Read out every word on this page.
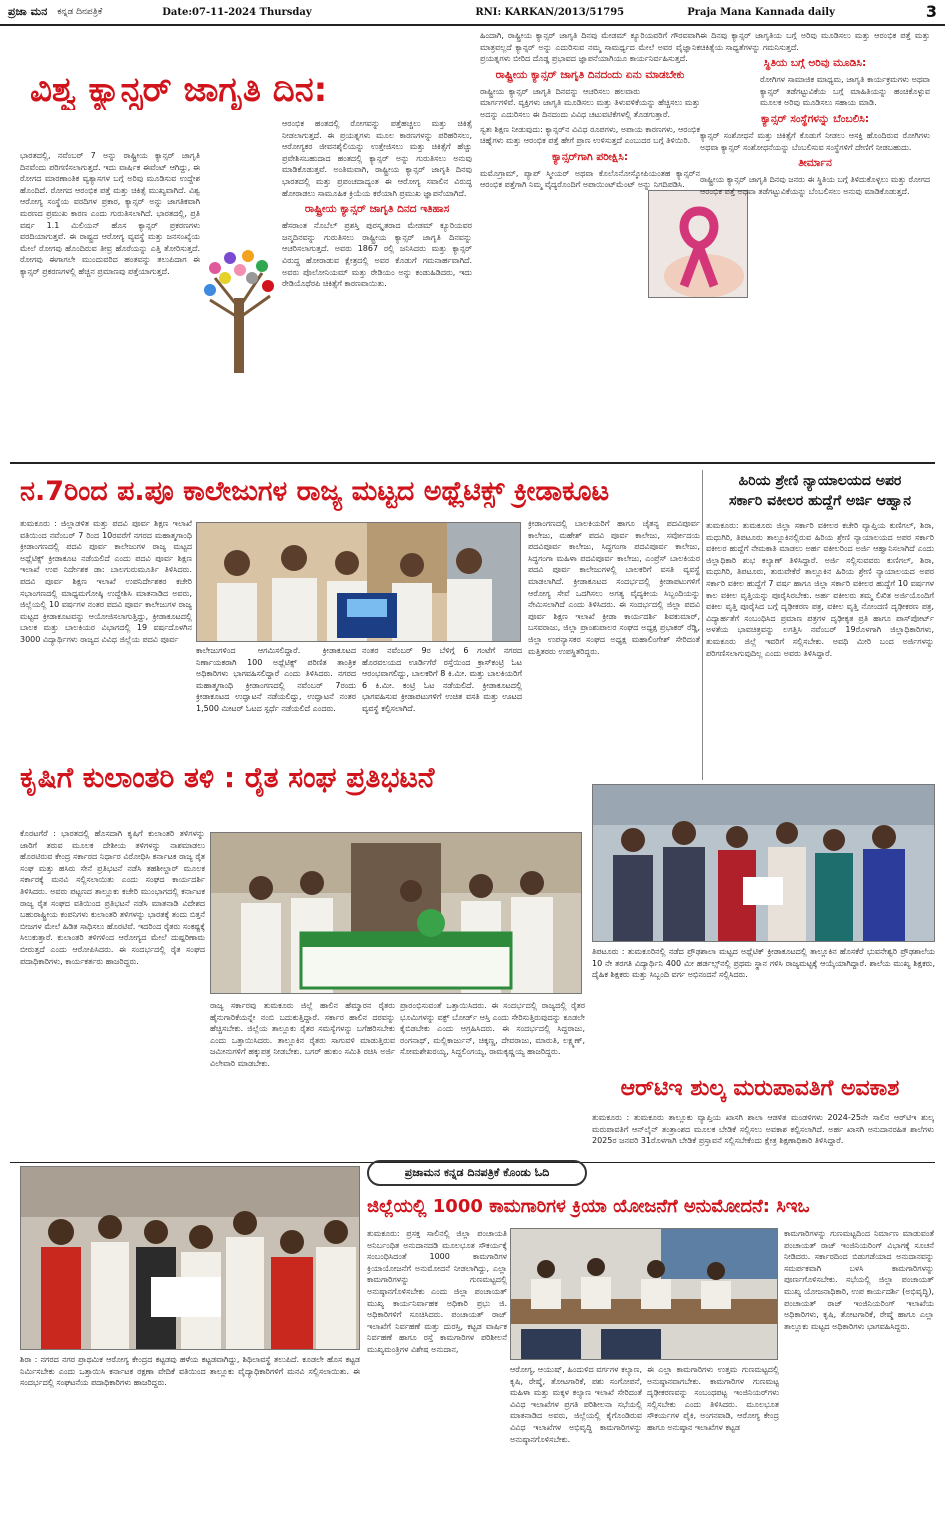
ಪ್ರಜಾ ಮನ ಕನ್ನಡ ದಿನಪತ್ರಿಕೆ	Date:07-11-2024 Thursday	RNI: KARKAN/2013/51795	Praja Mana Kannada daily	3
ವಿಶ್ವ ಕ್ಯಾನ್ಸರ್ ಜಾಗೃತಿ ದಿನ:

ಭಾರತದಲ್ಲಿ, ನವೆಂಬರ್ 7 ಅನ್ನು ರಾಷ್ಟ್ರೀಯ ಕ್ಯಾನ್ಸರ್ ಜಾಗೃತಿ ದಿನವೆಂದು ಪರಿಗಣಿಸಲಾಗುತ್ತದೆ. ಇದು ವಾರ್ಷಿಕ ಈವೆಂಟ್ ಆಗಿದ್ದು, ಈ ರೋಗದ ಮಾರಣಾಂತಿಕ ವ್ಯತ್ಯಾಸಗಳ ಬಗ್ಗೆ ಅರಿವು ಮೂಡಿಸುವ ಉದ್ದೇಶ ಹೊಂದಿದೆ. ರೋಗದ ಆರಂಭಿಕ ಪತ್ತೆ ಮತ್ತು ಚಿಕಿತ್ಸೆ ಮುಖ್ಯವಾಗಿದೆ. ವಿಶ್ವ ಆರೋಗ್ಯ ಸಂಸ್ಥೆಯ ವರದಿಗಳ ಪ್ರಕಾರ, ಕ್ಯಾನ್ಸರ್ ಅನ್ನು ಜಾಗತಿಕವಾಗಿ ಮರಣದ ಪ್ರಮುಖ ಕಾರಣ ಎಂದು ಗುರುತಿಸಲಾಗಿದೆ. ಭಾರತದಲ್ಲಿ, ಪ್ರತಿ ವರ್ಷ 1.1 ಮಿಲಿಯನ್ ಹೊಸ ಕ್ಯಾನ್ಸರ್ ಪ್ರಕರಣಗಳು ವರದಿಯಾಗುತ್ತವೆ. ಈ ರಾಷ್ಟ್ರದ ಆರೋಗ್ಯ ವ್ಯವಸ್ಥೆ ಮತ್ತು ಜನಸಂಖ್ಯೆಯ ಮೇಲೆ ರೋಗವು ಹೊಂದಿರುವ ತೀವ್ರ ಹೊರೆಯನ್ನು ಎತ್ತಿ ತೋರಿಸುತ್ತದೆ. ರೋಗವು ಈಗಾಗಲೇ ಮುಂದುವರಿದ ಹಂತವನ್ನು ತಲುಪಿದಾಗ ಈ ಕ್ಯಾನ್ಸರ್ ಪ್ರಕರಣಗಳಲ್ಲಿ ಹೆಚ್ಚಿನ ಪ್ರಮಾಣವು ಪತ್ತೆಯಾಗುತ್ತದೆ.

ಆರಂಭಿಕ ಹಂತದಲ್ಲಿ ರೋಗವನ್ನು ಪತ್ತೆಹಚ್ಚಲು ಮತ್ತು ಚಿಕಿತ್ಸೆ ನೀಡಲಾಗುತ್ತದೆ. ಈ ಪ್ರಯತ್ನಗಳು ಮೂಲ ಕಾರಣಗಳನ್ನು ಪರಿಹರಿಸಲು, ಆರೋಗ್ಯಕರ ಜೀವನಶೈಲಿಯನ್ನು ಉತ್ತೇಜಿಸಲು ಮತ್ತು ಚಿಕಿತ್ಸೆಗೆ ಹೆಚ್ಚು ಪ್ರವೇಶಿಸಬಹುದಾದ ಹಂತದಲ್ಲಿ ಕ್ಯಾನ್ಸರ್ ಅನ್ನು ಗುರುತಿಸಲು ಅನುವು ಮಾಡಿಕೊಡುತ್ತವೆ. ಅಂತಿಮವಾಗಿ, ರಾಷ್ಟ್ರೀಯ ಕ್ಯಾನ್ಸರ್ ಜಾಗೃತಿ ದಿನವು ಭಾರತದಲ್ಲಿ ಮತ್ತು ಪ್ರಪಂಚದಾದ್ಯಂತ ಈ ಆರೋಗ್ಯ ಸವಾಲಿನ ವಿರುದ್ಧ ಹೋರಾಡಲು ಸಾಮೂಹಿಕ ಕ್ರಿಯೆಯ ಕರೆಯಾಗಿ ಪ್ರಮುಖ ಜ್ಞಾಪನೆಯಾಗಿದೆ.

ರಾಷ್ಟ್ರೀಯ ಕ್ಯಾನ್ಸರ್ ಜಾಗೃತಿ ದಿನದ ಇತಿಹಾಸ

ಹೆಸರಾಂತ ನೊಬೆಲ್ ಪ್ರಶಸ್ತಿ ಪುರಸ್ಕೃತರಾದ ಮೇಡಮ್ ಕ್ಯೂರಿಯವರ ಜನ್ಮದಿನವನ್ನು ಗುರುತಿಸಲು ರಾಷ್ಟ್ರೀಯ ಕ್ಯಾನ್ಸರ್ ಜಾಗೃತಿ ದಿನವನ್ನು ಆಚರಿಸಲಾಗುತ್ತದೆ. ಅವರು 1867 ರಲ್ಲಿ ಜನಿಸಿದರು ಮತ್ತು ಕ್ಯಾನ್ಸರ್ ವಿರುದ್ಧ ಹೋರಾಡುವ ಕ್ಷೇತ್ರದಲ್ಲಿ ಅವರ ಕೊಡುಗೆ ಗಮನಾರ್ಹವಾಗಿದೆ. ಅವರು ಪೊಲೋನಿಯಮ್ ಮತ್ತು ರೇಡಿಯಂ ಅನ್ನು ಕಂಡುಹಿಡಿದರು, ಇದು ರೇಡಿಯೊಥೆರಪಿ ಚಿಕಿತ್ಸೆಗೆ ಕಾರಣವಾಯಿತು.

ಹಿಂದಾಗಿ, ರಾಷ್ಟ್ರೀಯ ಕ್ಯಾನ್ಸರ್ ಜಾಗೃತಿ ದಿನವು ಮೇಡಮ್ ಕ್ಯೂರಿಯವರಿಗೆ ಗೌರವವಾಗಿ ಮಾತ್ರವಲ್ಲದೆ ಕ್ಯಾನ್ಸರ್ ಅನ್ನು ಎದುರಿಸುವ ನಮ್ಮ ಸಾಮರ್ಥ್ಯದ ಮೇಲೆ ಅವರ ವೈಜ್ಞಾನಿಕ ಪ್ರಯತ್ನಗಳು ಬೀರಿದ ದೊಡ್ಡ ಪ್ರಭಾವದ ಜ್ಞಾಪನೆಯಾಗಿಯೂ ಕಾರ್ಯನಿರ್ವಹಿಸುತ್ತದೆ.

ರಾಷ್ಟ್ರೀಯ ಕ್ಯಾನ್ಸರ್ ಜಾಗೃತಿ ದಿನದಂದು ಏನು ಮಾಡಬೇಕು

ರಾಷ್ಟ್ರೀಯ ಕ್ಯಾನ್ಸರ್ ಜಾಗೃತಿ ದಿನವನ್ನು ಆಚರಿಸಲು ಹಲವಾರು ಮಾರ್ಗಗಳಿವೆ. ವ್ಯಕ್ತಿಗಳು ಜಾಗೃತಿ ಮೂಡಿಸಲು ಮತ್ತು ತಿಳುವಳಿಕೆಯನ್ನು ಹೆಚ್ಚಿಸಲು ಮತ್ತು ಅದನ್ನು ಎದುರಿಸಲು ಈ ದಿನದಂದು ವಿವಿಧ ಚಟುವಟಿಕೆಗಳಲ್ಲಿ ತೊಡಗುತ್ತಾರೆ.

ಸ್ವತಃ ಶಿಕ್ಷಣ ನೀಡುವುದು: ಕ್ಯಾನ್ಸರ್‌ನ ವಿವಿಧ ರೂಪಗಳು, ಅಪಾಯ ಕಾರಣಗಳು, ಆರಂಭಿಕ ಚಿಹ್ನೆಗಳು ಮತ್ತು ಆರಂಭಿಕ ಪತ್ತೆ ಹೇಗೆ ಪ್ರಾಣ ಉಳಿಸುತ್ತದೆ ಎಂಬುದರ ಬಗ್ಗೆ ತಿಳಿಯಿರಿ.

ಕ್ಯಾನ್ಸರ್‌ಗಾಗಿ ಪರೀಕ್ಷಿಸಿ:

ಮಮೊಗ್ರಾಮ್, ಪ್ಯಾಪ್ ಸ್ಮೀಯರ್ ಅಥವಾ ಕೊಲೊನೋಸ್ಕೋಪಿಯಂತಹ ಕ್ಯಾನ್ಸರ್‌ನ ಆರಂಭಿಕ ಪತ್ತೆಗಾಗಿ ನಿಮ್ಮ ವೈದ್ಯರೊಂದಿಗೆ ಅಪಾಯಿಂಟ್‌ಮೆಂಟ್ ಅನ್ನು ನಿಗದಿಪಡಿಸಿ.

ಈ ದಿನವು ಕ್ಯಾನ್ಸರ್ ಜಾಗೃತಿಯ ಬಗ್ಗೆ ಅರಿವು ಮೂಡಿಸಲು ಮತ್ತು ಆರಂಭಿಕ ಪತ್ತೆ ಮತ್ತು ಚಿಕಿತ್ಸೆಯ ಸಾಧ್ಯತೆಗಳನ್ನು ಗಮನಿಸುತ್ತದೆ.

ಸ್ಥಿತಿಯ ಬಗ್ಗೆ ಅರಿವು ಮೂಡಿಸಿ:

ರೋಗಿಗಳ ಸಾಮಾಜಿಕ ಮಾಧ್ಯಮ, ಜಾಗೃತಿ ಕಾರ್ಯಕ್ರಮಗಳು ಅಥವಾ ಕ್ಯಾನ್ಸರ್ ತಡೆಗಟ್ಟುವಿಕೆಯ ಬಗ್ಗೆ ಮಾಹಿತಿಯನ್ನು ಹಂಚಿಕೊಳ್ಳುವ ಮೂಲಕ ಅರಿವು ಮೂಡಿಸಲು ಸಹಾಯ ಮಾಡಿ.

ಕ್ಯಾನ್ಸರ್ ಸಂಸ್ಥೆಗಳನ್ನು ಬೆಂಬಲಿಸಿ:

ಕ್ಯಾನ್ಸರ್ ಸಂಶೋಧನೆ ಮತ್ತು ಚಿಕಿತ್ಸೆಗೆ ಕೊಡುಗೆ ನೀಡಲು ಆಸಕ್ತಿ ಹೊಂದಿರುವ ರೋಗಿಗಳು ಅಥವಾ ಕ್ಯಾನ್ಸರ್ ಸಂಶೋಧನೆಯನ್ನು ಬೆಂಬಲಿಸುವ ಸಂಸ್ಥೆಗಳಿಗೆ ದೇಣಿಗೆ ನೀಡಬಹುದು.

ತೀರ್ಮಾನ

ರಾಷ್ಟ್ರೀಯ ಕ್ಯಾನ್ಸರ್ ಜಾಗೃತಿ ದಿನವು ಜನರು ಈ ಸ್ಥಿತಿಯ ಬಗ್ಗೆ ತಿಳಿದುಕೊಳ್ಳಲು ಮತ್ತು ರೋಗದ ಆರಂಭಿಕ ಪತ್ತೆ ಅಥವಾ ತಡೆಗಟ್ಟುವಿಕೆಯನ್ನು ಬೆಂಬಲಿಸಲು ಅನುವು ಮಾಡಿಕೊಡುತ್ತದೆ.

ನ.7ರಿಂದ ಪ.ಪೂ ಕಾಲೇಜುಗಳ ರಾಜ್ಯ ಮಟ್ಟದ ಅಥ್ಲೆಟಿಕ್ಸ್ ಕ್ರೀಡಾಕೂಟ

ತುಮಕೂರು : ಜಿಲ್ಲಾಡಳಿತ ಮತ್ತು ಪದವಿ ಪೂರ್ವ ಶಿಕ್ಷಣ ಇಲಾಖೆ ವತಿಯಿಂದ ನವೆಂಬರ್ 7 ರಿಂದ 10ರವರೆಗೆ ನಗರದ ಮಹಾತ್ಮಗಾಂಧಿ ಕ್ರೀಡಾಂಗಣದಲ್ಲಿ ಪದವಿ ಪೂರ್ವ ಕಾಲೇಜುಗಳ ರಾಜ್ಯ ಮಟ್ಟದ ಅಥ್ಲೆಟಿಕ್ಸ್ ಕ್ರೀಡಾಕೂಟ ನಡೆಯಲಿದೆ ಎಂದು ಪದವಿ ಪೂರ್ವ ಶಿಕ್ಷಣ ಇಲಾಖೆ ಉಪ ನಿರ್ದೇಶಕ ಡಾ: ಬಾಲಗುರುಮೂರ್ತಿ ತಿಳಿಸಿದರು. ಪದವಿ ಪೂರ್ವ ಶಿಕ್ಷಣ ಇಲಾಖೆ ಉಪನಿರ್ದೇಶಕರ ಕಚೇರಿ ಸಭಾಂಗಣದಲ್ಲಿ ಮಾಧ್ಯಮಗೋಷ್ಠಿ ಉದ್ದೇಶಿಸಿ ಮಾತನಾಡಿದ ಅವರು, ಜಿಲ್ಲೆಯಲ್ಲಿ 10 ವರ್ಷಗಳ ನಂತರ ಪದವಿ ಪೂರ್ವ ಕಾಲೇಜುಗಳ ರಾಜ್ಯ ಮಟ್ಟದ ಕ್ರೀಡಾಕೂಟವನ್ನು ಆಯೋಜಿಸಲಾಗುತ್ತಿದ್ದು, ಕ್ರೀಡಾಕೂಟದಲ್ಲಿ ಬಾಲಕ ಮತ್ತು ಬಾಲಕಿಯರ ವಿಭಾಗದಲ್ಲಿ 19 ವರ್ಷದೊಳಗಿನ 3000 ವಿದ್ಯಾರ್ಥಿಗಳು ರಾಜ್ಯದ ವಿವಿಧ ಜಿಲ್ಲೆಯ ಪದವಿ ಪೂರ್ವ

ಕಾಲೇಜುಗಳಿಂದ ಆಗಮಿಸಲಿದ್ದಾರೆ. ಕ್ರೀಡಾಕೂಟದ ನಿರ್ಣಾಯಕರಾಗಿ 100 ಅಥ್ಲೆಟಿಕ್ಸ್ ಪರಿಣಿತ ತಾಂತ್ರಿಕ ಅಧಿಕಾರಿಗಳು ಭಾಗವಹಿಸಲಿದ್ದಾರೆ ಎಂದು ತಿಳಿಸಿದರು. ನಗರದ ಮಹಾತ್ಮಗಾಂಧಿ ಕ್ರೀಡಾಂಗಣದಲ್ಲಿ ನವೆಂಬರ್ 7ರಂದು ಕ್ರೀಡಾಕೂಟದ ಉದ್ಘಾಟನೆ ನಡೆಯಲಿದ್ದು, ಉದ್ಘಾಟನೆ ನಂತರ 1,500 ಮೀಟರ್ ಓಟದ ಸ್ಪರ್ಧೆ ನಡೆಯಲಿದೆ ಎಂದರು.

ನಂತರ ನವೆಂಬರ್ 9ರ ಬೆಳಿಗ್ಗೆ 6 ಗಂಟೆಗೆ ನಗರದ ಹೊರವಲಯದ ಊರ್ಡಿಗೆರೆ ರಸ್ತೆಯಿಂದ ಕ್ರಾಸ್‌ಕಂಟ್ರಿ ಓಟ ಆರಂಭವಾಗಲಿದ್ದು, ಬಾಲಕರಿಗೆ 8 ಕಿ.ಮೀ. ಮತ್ತು ಬಾಲಕಿಯರಿಗೆ 6 ಕಿ.ಮೀ. ಕಂಟ್ರಿ ಓಟ ನಡೆಯಲಿದೆ. ಕ್ರೀಡಾಕೂಟದಲ್ಲಿ ಭಾಗವಹಿಸುವ ಕ್ರೀಡಾಪಟುಗಳಿಗೆ ಉಚಿತ ವಸತಿ ಮತ್ತು ಊಟದ ವ್ಯವಸ್ಥೆ ಕಲ್ಪಿಸಲಾಗಿದೆ.

ಕ್ರೀಡಾಂಗಣದಲ್ಲಿ ಬಾಲಕಿಯರಿಗೆ ಹಾಗೂ ಚೈತನ್ಯ ಪದವಿಪೂರ್ವ ಕಾಲೇಜು, ಮಹೇಶ್ ಪದವಿ ಪೂರ್ವ ಕಾಲೇಜು, ಸರ್ವೋದಯ ಪದವಿಪೂರ್ವ ಕಾಲೇಜು, ಸಿದ್ಧಗಂಗಾ ಪದವಿಪೂರ್ವ ಕಾಲೇಜು, ಸಿದ್ಧಗಂಗಾ ಮಹಿಳಾ ಪದವಿಪೂರ್ವ ಕಾಲೇಜು, ಎಂಪ್ರೆಸ್ ಬಾಲಕಿಯರ ಪದವಿ ಪೂರ್ವ ಕಾಲೇಜುಗಳಲ್ಲಿ ಬಾಲಕರಿಗೆ ವಸತಿ ವ್ಯವಸ್ಥೆ ಮಾಡಲಾಗಿದೆ. ಕ್ರೀಡಾಕೂಟದ ಸಂದರ್ಭದಲ್ಲಿ ಕ್ರೀಡಾಪಟುಗಳಿಗೆ ಆರೋಗ್ಯ ಸೇವೆ ಒದಗಿಸಲು ಅಗತ್ಯ ವೈದ್ಯಕೀಯ ಸಿಬ್ಬಂದಿಯನ್ನು ನೇಮಿಸಲಾಗಿದೆ ಎಂದು ತಿಳಿಸಿದರು. ಈ ಸಂದರ್ಭದಲ್ಲಿ ಜಿಲ್ಲಾ ಪದವಿ ಪೂರ್ವ ಶಿಕ್ಷಣ ಇಲಾಖೆ ಕ್ರೀಡಾ ಕಾರ್ಯದರ್ಶಿ ಶಿವಕುಮಾರ್, ಬಸವರಾಜು, ಜಿಲ್ಲಾ ಪ್ರಾಂಶುಪಾಲರ ಸಂಘದ ಅಧ್ಯಕ್ಷ ಪ್ರಭಾಕರ್ ರೆಡ್ಡಿ, ಜಿಲ್ಲಾ ಉಪನ್ಯಾಸಕರ ಸಂಘದ ಅಧ್ಯಕ್ಷ ಮಹಾಲಿಂಗೇಶ್ ಸೇರಿದಂತೆ ಮತ್ತಿತರರು ಉಪಸ್ಥಿತರಿದ್ದರು.

ಹಿರಿಯ ಶ್ರೇಣಿ ನ್ಯಾಯಾಲಯದ ಅಪರ
ಸರ್ಕಾರಿ ವಕೀಲರ ಹುದ್ದೆಗೆ ಅರ್ಜಿ ಆಹ್ವಾನ

ತುಮಕೂರು: ತುಮಕೂರು ಜಿಲ್ಲಾ ಸರ್ಕಾರಿ ವಕೀಲರ ಕಚೇರಿ ವ್ಯಾಪ್ತಿಯ ಕುಣಿಗಲ್, ಶಿರಾ, ಮಧುಗಿರಿ, ತಿಪಟೂರು ತಾಲ್ಲೂಕಿನಲ್ಲಿರುವ ಹಿರಿಯ ಶ್ರೇಣಿ ನ್ಯಾಯಾಲಯದ ಅಪರ ಸರ್ಕಾರಿ ವಕೀಲರ ಹುದ್ದೆಗೆ ನೇಮಕಾತಿ ಮಾಡಲು ಅರ್ಹ ವಕೀಲರಿಂದ ಅರ್ಜಿ ಆಹ್ವಾನಿಸಲಾಗಿದೆ ಎಂದು ಜಿಲ್ಲಾಧಿಕಾರಿ ಶುಭ ಕಲ್ಯಾಣ್ ತಿಳಿಸಿದ್ದಾರೆ. ಅರ್ಜಿ ಸಲ್ಲಿಸುವವರು ಕುಣಿಗಲ್, ಶಿರಾ, ಮಧುಗಿರಿ, ತಿಪಟೂರು, ತುರುವೇಕೆರೆ ತಾಲ್ಲೂಕಿನ ಹಿರಿಯ ಶ್ರೇಣಿ ನ್ಯಾಯಾಲಯದ ಅಪರ ಸರ್ಕಾರಿ ವಕೀಲ ಹುದ್ದೆಗೆ 7 ವರ್ಷ ಹಾಗೂ ಜಿಲ್ಲಾ ಸರ್ಕಾರಿ ವಕೀಲರ ಹುದ್ದೆಗೆ 10 ವರ್ಷಗಳ ಕಾಲ ವಕೀಲ ವೃತ್ತಿಯನ್ನು ಪೂರೈಸಿರಬೇಕು. ಅರ್ಹ ವಕೀಲರು ತಮ್ಮ ಲಿಖಿತ ಅರ್ಜಿಯೊಂದಿಗೆ ವಕೀಲ ವೃತ್ತಿ ಪೂರೈಸಿದ ಬಗ್ಗೆ ದೃಢೀಕರಣ ಪತ್ರ, ವಕೀಲ ವೃತ್ತಿ ನೋಂದಣಿ ದೃಢೀಕರಣ ಪತ್ರ, ವಿದ್ಯಾರ್ಹತೆಗೆ ಸಂಬಂಧಿಸಿದ ಪ್ರಮಾಣ ಪತ್ರಗಳ ದೃಢೀಕೃತ ಪ್ರತಿ ಹಾಗೂ ಪಾಸ್‌ಪೋರ್ಟ್ ಅಳತೆಯ ಭಾವಚಿತ್ರವನ್ನು ಲಗತ್ತಿಸಿ ನವೆಂಬರ್ 19ರೊಳಗಾಗಿ ಜಿಲ್ಲಾಧಿಕಾರಿಗಳು, ತುಮಕೂರು ಜಿಲ್ಲೆ ಇವರಿಗೆ ಸಲ್ಲಿಸಬೇಕು. ಅವಧಿ ಮೀರಿ ಬಂದ ಅರ್ಜಿಗಳನ್ನು ಪರಿಗಣಿಸಲಾಗುವುದಿಲ್ಲ ಎಂದು ಅವರು ತಿಳಿಸಿದ್ದಾರೆ.

ಕೃಷಿಗೆ ಕುಲಾಂತರಿ ತಳಿ : ರೈತ ಸಂಘ ಪ್ರತಿಭಟನೆ

ಕೊರಟಗೆರೆ : ಭಾರತದಲ್ಲಿ ಹೊಸದಾಗಿ ಕೃಷಿಗೆ ಕುಲಾಂತರಿ ತಳಿಗಳನ್ನು ಜಾರಿಗೆ ತರುವ ಮೂಲಕ ದೇಶೀಯ ತಳಿಗಳನ್ನು ನಾಶಮಾಡಲು ಹೊರಟಿರುವ ಕೇಂದ್ರ ಸರ್ಕಾರದ ನಿರ್ಧಾರ ವಿರೋಧಿಸಿ ಕರ್ನಾಟಕ ರಾಜ್ಯ ರೈತ ಸಂಘ ಮತ್ತು ಹಸಿರು ಸೇನೆ ಪ್ರತಿಭಟನೆ ನಡೆಸಿ ತಹಶೀಲ್ದಾರ್ ಮೂಲಕ ಸರ್ಕಾರಕ್ಕೆ ಮನವಿ ಸಲ್ಲಿಸಲಾಯಿತು ಎಂದು ಸಂಘದ ಕಾರ್ಯದರ್ಶಿ ತಿಳಿಸಿದರು. ಅವರು ಪಟ್ಟಣದ ತಾಲ್ಲೂಕು ಕಚೇರಿ ಮುಂಭಾಗದಲ್ಲಿ ಕರ್ನಾಟಕ ರಾಜ್ಯ ರೈತ ಸಂಘದ ವತಿಯಿಂದ ಪ್ರತಿಭಟನೆ ನಡೆಸಿ ಮಾತನಾಡಿ ವಿದೇಶದ ಬಹುರಾಷ್ಟ್ರೀಯ ಕಂಪನಿಗಳು ಕುಲಾಂತರಿ ತಳಿಗಳನ್ನು ಭಾರತಕ್ಕೆ ತಂದು ಬಿತ್ತನೆ ಬೀಜಗಳ ಮೇಲೆ ಹಿಡಿತ ಸಾಧಿಸಲು ಹೊರಟಿವೆ. ಇದರಿಂದ ರೈತರು ಸಂಕಷ್ಟಕ್ಕೆ ಸಿಲುಕುತ್ತಾರೆ. ಕುಲಾಂತರಿ ತಳಿಗಳಿಂದ ಆರೋಗ್ಯದ ಮೇಲೆ ದುಷ್ಪರಿಣಾಮ ಬೀರುತ್ತದೆ ಎಂದು ಆರೋಪಿಸಿದರು. ಈ ಸಂದರ್ಭದಲ್ಲಿ ರೈತ ಸಂಘದ ಪದಾಧಿಕಾರಿಗಳು, ಕಾರ್ಯಕರ್ತರು ಹಾಜರಿದ್ದರು.

ರಾಜ್ಯ ಸರ್ಕಾರವು ತುಮಕೂರು ಜಿಲ್ಲೆ ಹಾಲಿನ ಹೆಮ್ಮಾರನ ರೈತರು ಹೈನುಗಾರಿಕೆಯನ್ನೇ ನಂಬಿ ಬದುಕುತ್ತಿದ್ದಾರೆ. ಸರ್ಕಾರ ಹಾಲಿನ ದರವನ್ನು ಹೆಚ್ಚಿಸಬೇಕು. ಜಿಲ್ಲೆಯ ತಾಲ್ಲೂಕು ರೈತರ ಸಮಸ್ಯೆಗಳನ್ನು ಬಗೆಹರಿಸಬೇಕು ಎಂದು ಒತ್ತಾಯಿಸಿದರು. ತಾಲ್ಲೂಕಿನ ರೈತರು ಸಾಗುವಳಿ ಮಾಡುತ್ತಿರುವ ಜಮೀನುಗಳಿಗೆ ಹಕ್ಕುಪತ್ರ ನೀಡಬೇಕು. ಬಗರ್ ಹುಕುಂ ಸಮಿತಿ ರಚಿಸಿ ಅರ್ಜಿ ವಿಲೇವಾರಿ ಮಾಡಬೇಕು.

ಪ್ರಾರಂಭಿಸುವಂತೆ ಒತ್ತಾಯಿಸಿದರು. ಈ ಸಂದರ್ಭದಲ್ಲಿ ರಾಜ್ಯದಲ್ಲಿ ರೈತರ ಭೂಮಿಗಳನ್ನು ವಕ್ಫ್ ಬೋರ್ಡ್ ಆಸ್ತಿ ಎಂದು ಸೇರಿಸುತ್ತಿರುವುದನ್ನು ಕೂಡಲೇ ಕೈಬಿಡಬೇಕು ಎಂದು ಆಗ್ರಹಿಸಿದರು. ಈ ಸಂದರ್ಭದಲ್ಲಿ ಸಿದ್ದರಾಜು, ರಂಗನಾಥ್, ಮಲ್ಲಿಕಾರ್ಜುನ್, ಚಿಕ್ಕಣ್ಣ, ದೇವರಾಜು, ಮಾರುತಿ, ಲಕ್ಷ್ಮಣ್, ಸೋಮಶೇಖರಯ್ಯ, ಸಿದ್ಧಲಿಂಗಯ್ಯ, ರಾಮಕೃಷ್ಣಯ್ಯ ಹಾಜರಿದ್ದರು.

ತಿಪಟೂರು : ತುಮಕೂರಿನಲ್ಲಿ ನಡೆದ ಪ್ರೌಢಶಾಲಾ ಮಟ್ಟದ ಅಥ್ಲೆಟಿಕ್ ಕ್ರೀಡಾಕೂಟದಲ್ಲಿ ತಾಲ್ಲೂಕಿನ ಹೊಸಕೆರೆ ಭುವನೇಶ್ವರಿ ಪ್ರೌಢಶಾಲೆಯ 10 ನೇ ತರಗತಿ ವಿದ್ಯಾರ್ಥಿನಿ 400 ಮೀ ಹರ್ಡಲ್ಸ್‌ನಲ್ಲಿ ಪ್ರಥಮ ಸ್ಥಾನ ಗಳಿಸಿ ರಾಜ್ಯಮಟ್ಟಕ್ಕೆ ಆಯ್ಕೆಯಾಗಿದ್ದಾರೆ. ಶಾಲೆಯ ಮುಖ್ಯ ಶಿಕ್ಷಕರು, ದೈಹಿಕ ಶಿಕ್ಷಕರು ಮತ್ತು ಸಿಬ್ಬಂದಿ ವರ್ಗ ಅಭಿನಂದನೆ ಸಲ್ಲಿಸಿದರು.
ಆರ್‌ಟಿಇ ಶುಲ್ಕ ಮರುಪಾವತಿಗೆ ಅವಕಾಶ

ತುಮಕೂರು : ತುಮಕೂರು ತಾಲ್ಲೂಕು ವ್ಯಾಪ್ತಿಯ ಖಾಸಗಿ ಶಾಲಾ ಆಡಳಿತ ಮಂಡಳಿಗಳು 2024-25ನೇ ಸಾಲಿನ ಆರ್‌ಟಿಇ ಶುಲ್ಕ ಮರುಪಾವತಿಗೆ ಆನ್‌ಲೈನ್ ತಂತ್ರಾಂಶದ ಮೂಲಕ ಬೇಡಿಕೆ ಸಲ್ಲಿಸಲು ಅವಕಾಶ ಕಲ್ಪಿಸಲಾಗಿದೆ. ಅರ್ಹ ಖಾಸಗಿ ಅನುದಾನರಹಿತ ಶಾಲೆಗಳು 2025ರ ಜನವರಿ 31ರೊಳಗಾಗಿ ಬೇಡಿಕೆ ಪ್ರಸ್ತಾವನೆ ಸಲ್ಲಿಸಬೇಕೆಂದು ಕ್ಷೇತ್ರ ಶಿಕ್ಷಣಾಧಿಕಾರಿ ತಿಳಿಸಿದ್ದಾರೆ.

ಶಿರಾ : ನಗರದ ನಗರ ಪ್ರಾಥಮಿಕ ಆರೋಗ್ಯ ಕೇಂದ್ರದ ಕಟ್ಟಡವು ಹಳೆಯ ಕಟ್ಟಡವಾಗಿದ್ದು, ಶಿಥಿಲಾವಸ್ಥೆ ತಲುಪಿದೆ. ಕೂಡಲೇ ಹೊಸ ಕಟ್ಟಡ ನಿರ್ಮಿಸಬೇಕು ಎಂದು ಒತ್ತಾಯಿಸಿ ಕರ್ನಾಟಕ ರಕ್ಷಣಾ ವೇದಿಕೆ ವತಿಯಿಂದ ತಾಲ್ಲೂಕು ವೈದ್ಯಾಧಿಕಾರಿಗಳಿಗೆ ಮನವಿ ಸಲ್ಲಿಸಲಾಯಿತು. ಈ ಸಂದರ್ಭದಲ್ಲಿ ಸಂಘಟನೆಯ ಪದಾಧಿಕಾರಿಗಳು ಹಾಜರಿದ್ದರು.
ಪ್ರಜಾಮನ ಕನ್ನಡ ದಿನಪತ್ರಿಕೆ ಕೊಂಡು ಓದಿ
ಜಿಲ್ಲೆಯಲ್ಲಿ 1000 ಕಾಮಗಾರಿಗಳ ಕ್ರಿಯಾ ಯೋಜನೆಗೆ ಅನುಮೋದನೆ: ಸಿಇಒ

ತುಮಕೂರು: ಪ್ರಸಕ್ತ ಸಾಲಿನಲ್ಲಿ ಜಿಲ್ಲಾ ಪಂಚಾಯತಿ ಅನಿರ್ಬಂಧಿತ ಅನುದಾನದಡಿ ಮೂಲಭೂತ ಸೌಕರ್ಯಕ್ಕೆ ಸಂಬಂಧಿಸಿದಂತೆ 1000 ಕಾಮಗಾರಿಗಳ ಕ್ರಿಯಾಯೋಜನೆಗೆ ಅನುಮೋದನೆ ನೀಡಲಾಗಿದ್ದು, ಎಲ್ಲಾ ಕಾಮಗಾರಿಗಳನ್ನು ಗುಣಮಟ್ಟದಲ್ಲಿ ಅನುಷ್ಠಾನಗೊಳಿಸಬೇಕು ಎಂದು ಜಿಲ್ಲಾ ಪಂಚಾಯತ್ ಮುಖ್ಯ ಕಾರ್ಯನಿರ್ವಾಹಕ ಅಧಿಕಾರಿ ಪ್ರಭು ಜಿ. ಅಧಿಕಾರಿಗಳಿಗೆ ಸೂಚಿಸಿದರು. ಪಂಚಾಯತ್ ರಾಜ್ ಇಲಾಖೆಗೆ ನಿರ್ವಹಣೆ ಮತ್ತು ದುರಸ್ತಿ, ಕಟ್ಟಡ ವಾರ್ಷಿಕ ನಿರ್ವಹಣೆ ಹಾಗೂ ರಸ್ತೆ ಕಾಮಗಾರಿಗಳ ಪರಿಶೀಲನೆ ಮುಖ್ಯಮಂತ್ರಿಗಳ ವಿಶೇಷ ಅನುದಾನ,

ಆರೋಗ್ಯ, ಆಯುಷ್, ಹಿಂದುಳಿದ ವರ್ಗಗಳ ಕಲ್ಯಾಣ, ಕೃಷಿ, ರೇಷ್ಮೆ, ತೋಟಗಾರಿಕೆ, ಪಶು ಸಂಗೋಪನೆ, ಮಹಿಳಾ ಮತ್ತು ಮಕ್ಕಳ ಕಲ್ಯಾಣ ಇಲಾಖೆ ಸೇರಿದಂತೆ ವಿವಿಧ ಇಲಾಖೆಗಳ ಪ್ರಗತಿ ಪರಿಶೀಲನಾ ಸಭೆಯಲ್ಲಿ ಮಾತನಾಡಿದ ಅವರು, ಜಿಲ್ಲೆಯಲ್ಲಿ ಕೈಗೊಂಡಿರುವ ವಿವಿಧ ಇಲಾಖೆಗಳ ಅಭಿವೃದ್ಧಿ ಕಾಮಗಾರಿಗಳನ್ನು ಅನುಷ್ಠಾನಗೊಳಿಸಬೇಕು.

ಈ ಎಲ್ಲಾ ಕಾಮಗಾರಿಗಳು ಉತ್ತಮ ಗುಣಮಟ್ಟದಲ್ಲಿ ಅನುಷ್ಠಾನವಾಗಬೇಕು. ಕಾಮಗಾರಿಗಳ ಗುಣಮಟ್ಟ ದೃಢೀಕರಣವನ್ನು ಸಂಬಂಧಪಟ್ಟ ಇಂಜಿನಿಯರ್‌ಗಳು ಸಲ್ಲಿಸಬೇಕು ಎಂದು ತಿಳಿಸಿದರು. ಮೂಲಭೂತ ಸೌಕರ್ಯಗಳ ಪೈಕಿ, ಅಂಗನವಾಡಿ, ಆರೋಗ್ಯ ಕೇಂದ್ರ ಹಾಗೂ ಅನುಷ್ಠಾನ ಇಲಾಖೆಗಳ ಕಟ್ಟಡ

ಕಾಮಗಾರಿಗಳನ್ನು ಗುಣಮಟ್ಟದಿಂದ ನಿರ್ಮಾಣ ಮಾಡುವಂತೆ ಪಂಚಾಯತ್ ರಾಜ್ ಇಂಜಿನಿಯರಿಂಗ್ ವಿಭಾಗಕ್ಕೆ ಸೂಚನೆ ನೀಡಿದರು. ಸರ್ಕಾರದಿಂದ ಬಿಡುಗಡೆಯಾದ ಅನುದಾನವನ್ನು ಸಮರ್ಪಕವಾಗಿ ಬಳಸಿ ಕಾಮಗಾರಿಗಳನ್ನು ಪೂರ್ಣಗೊಳಿಸಬೇಕು. ಸಭೆಯಲ್ಲಿ ಜಿಲ್ಲಾ ಪಂಚಾಯತ್ ಮುಖ್ಯ ಯೋಜನಾಧಿಕಾರಿ, ಉಪ ಕಾರ್ಯದರ್ಶಿ (ಅಭಿವೃದ್ಧಿ), ಪಂಚಾಯತ್ ರಾಜ್ ಇಂಜಿನಿಯರಿಂಗ್ ಇಲಾಖೆಯ ಅಧಿಕಾರಿಗಳು, ಕೃಷಿ, ತೋಟಗಾರಿಕೆ, ರೇಷ್ಮೆ ಹಾಗೂ ಎಲ್ಲಾ ತಾಲ್ಲೂಕು ಮಟ್ಟದ ಅಧಿಕಾರಿಗಳು ಭಾಗವಹಿಸಿದ್ದರು.
